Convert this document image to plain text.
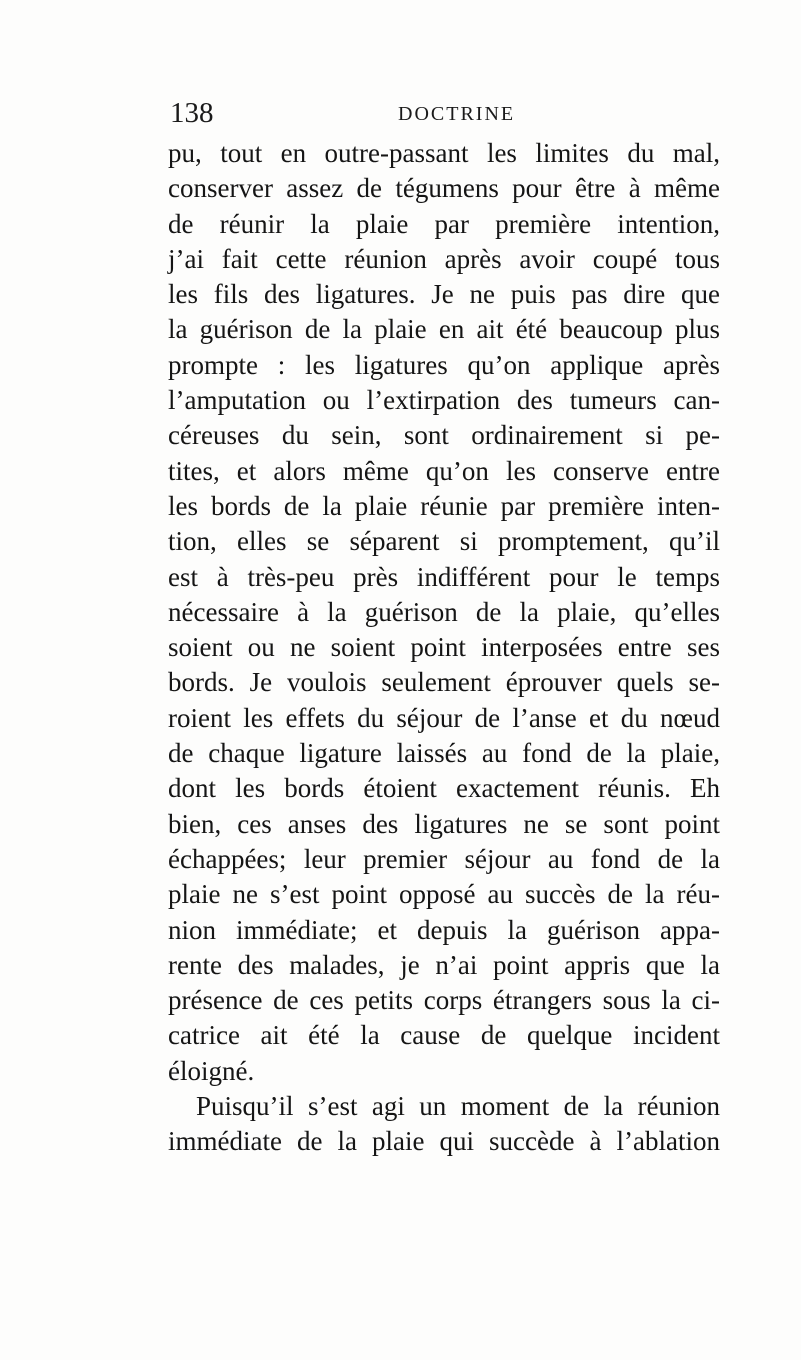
138	DOCTRINE
pu, tout en outre-passant les limites du mal,
conserver assez de tégumens pour être à même
de réunir la plaie par première intention,
j’ai fait cette réunion après avoir coupé tous
les fils des ligatures. Je ne puis pas dire que
la guérison de la plaie en ait été beaucoup plus
prompte : les ligatures qu’on applique après
l’amputation ou l’extirpation des tumeurs can-
céreuses du sein, sont ordinairement si pe-
tites, et alors même qu’on les conserve entre
les bords de la plaie réunie par première inten-
tion, elles se séparent si promptement, qu’il
est à très-peu près indifférent pour le temps
nécessaire à la guérison de la plaie, qu’elles
soient ou ne soient point interposées entre ses
bords. Je voulois seulement éprouver quels se-
roient les effets du séjour de l’anse et du nœud
de chaque ligature laissés au fond de la plaie,
dont les bords étoient exactement réunis. Eh
bien, ces anses des ligatures ne se sont point
échappées; leur premier séjour au fond de la
plaie ne s’est point opposé au succès de la réu-
nion immédiate; et depuis la guérison appa-
rente des malades, je n’ai point appris que la
présence de ces petits corps étrangers sous la ci-
catrice ait été la cause de quelque incident
éloigné.
Puisqu’il s’est agi un moment de la réunion
immédiate de la plaie qui succède à l’ablation
